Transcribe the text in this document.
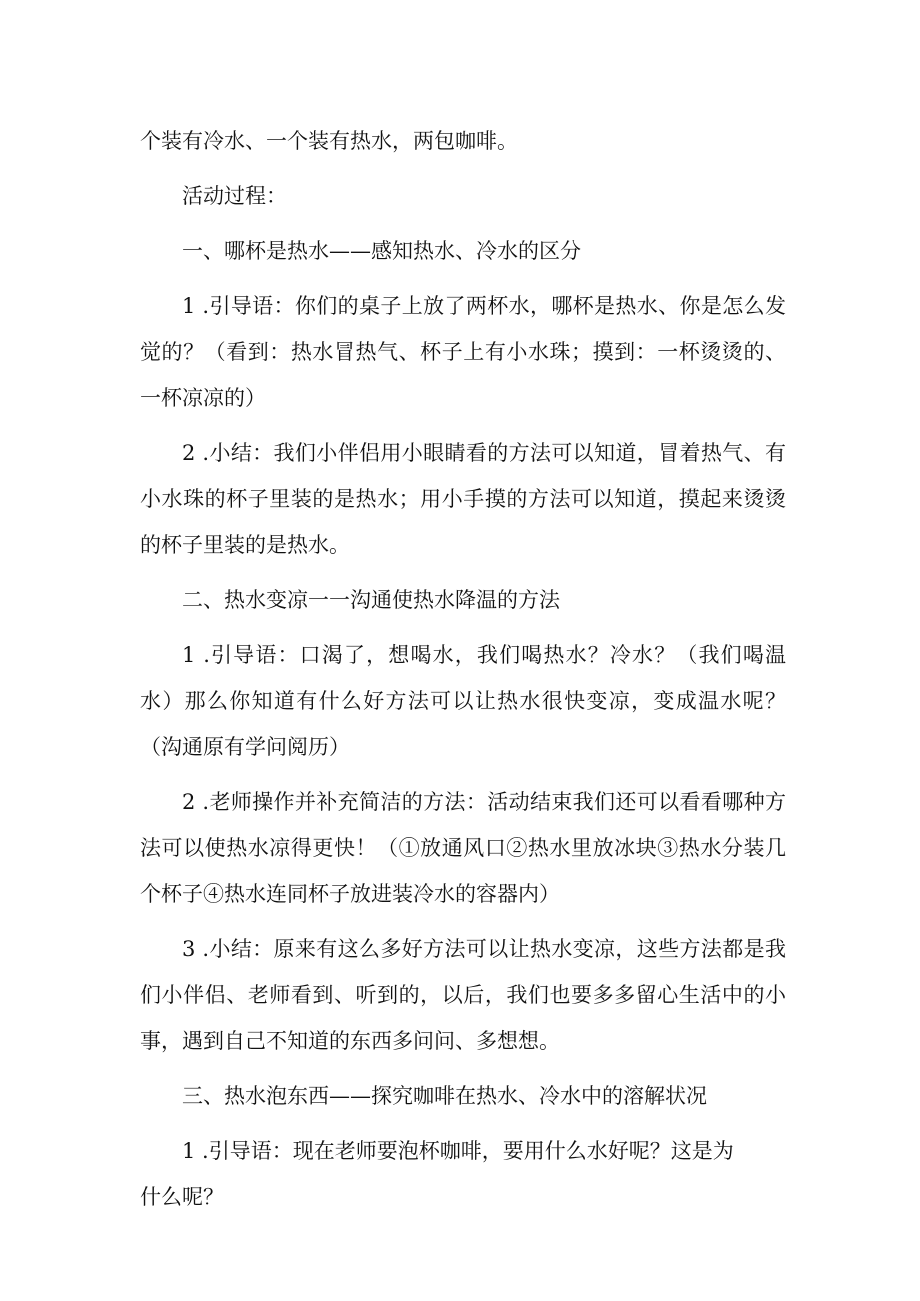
个装有冷水、一个装有热水，两包咖啡。

活动过程：

一、哪杯是热水——感知热水、冷水的区分

1 .引导语：你们的桌子上放了两杯水，哪杯是热水、你是怎么发觉的？（看到：热水冒热气、杯子上有小水珠；摸到：一杯烫烫的、一杯凉凉的）

2 .小结：我们小伴侣用小眼睛看的方法可以知道，冒着热气、有小水珠的杯子里装的是热水；用小手摸的方法可以知道，摸起来烫烫的杯子里装的是热水。

二、热水变凉一一沟通使热水降温的方法

1 .引导语：口渴了，想喝水，我们喝热水？冷水？（我们喝温水）那么你知道有什么好方法可以让热水很快变凉，变成温水呢？（沟通原有学问阅历）

2 .老师操作并补充简洁的方法：活动结束我们还可以看看哪种方法可以使热水凉得更快！（①放通风口②热水里放冰块③热水分装几个杯子④热水连同杯子放进装冷水的容器内）

3 .小结：原来有这么多好方法可以让热水变凉，这些方法都是我们小伴侣、老师看到、听到的，以后，我们也要多多留心生活中的小事，遇到自己不知道的东西多问问、多想想。

三、热水泡东西——探究咖啡在热水、冷水中的溶解状况

1 .引导语：现在老师要泡杯咖啡，要用什么水好呢？这是为什么呢？
